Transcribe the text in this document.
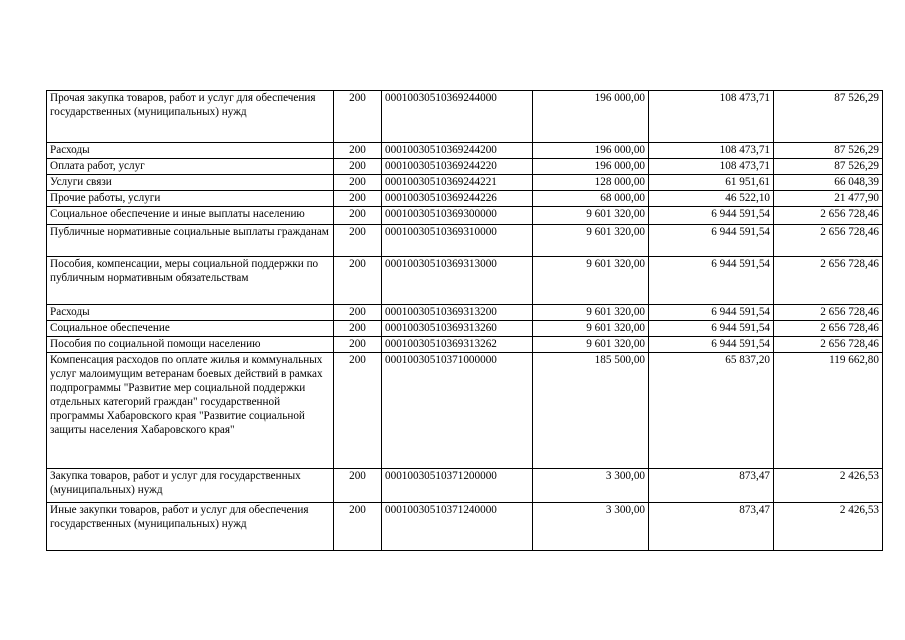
Прочая закупка товаров, работ и услуг для обеспечения государственных (муниципальных) нужд	200	00010030510369244000	196 000,00	108 473,71	87 526,29
Расходы	200	00010030510369244200	196 000,00	108 473,71	87 526,29
Оплата работ, услуг	200	00010030510369244220	196 000,00	108 473,71	87 526,29
Услуги связи	200	00010030510369244221	128 000,00	61 951,61	66 048,39
Прочие работы, услуги	200	00010030510369244226	68 000,00	46 522,10	21 477,90
Социальное обеспечение и иные выплаты населению	200	00010030510369300000	9 601 320,00	6 944 591,54	2 656 728,46
Публичные нормативные социальные выплаты гражданам	200	00010030510369310000	9 601 320,00	6 944 591,54	2 656 728,46
Пособия, компенсации, меры социальной поддержки по публичным нормативным обязательствам	200	00010030510369313000	9 601 320,00	6 944 591,54	2 656 728,46
Расходы	200	00010030510369313200	9 601 320,00	6 944 591,54	2 656 728,46
Социальное обеспечение	200	00010030510369313260	9 601 320,00	6 944 591,54	2 656 728,46
Пособия по социальной помощи населению	200	00010030510369313262	9 601 320,00	6 944 591,54	2 656 728,46
Компенсация расходов по оплате жилья и коммунальных услуг малоимущим ветеранам боевых действий в рамках подпрограммы "Развитие мер социальной поддержки отдельных категорий граждан" государственной программы Хабаровского края "Развитие социальной защиты населения Хабаровского края"	200	00010030510371000000	185 500,00	65 837,20	119 662,80
Закупка товаров, работ и услуг для государственных (муниципальных) нужд	200	00010030510371200000	3 300,00	873,47	2 426,53
Иные закупки товаров, работ и услуг для обеспечения государственных (муниципальных) нужд	200	00010030510371240000	3 300,00	873,47	2 426,53
